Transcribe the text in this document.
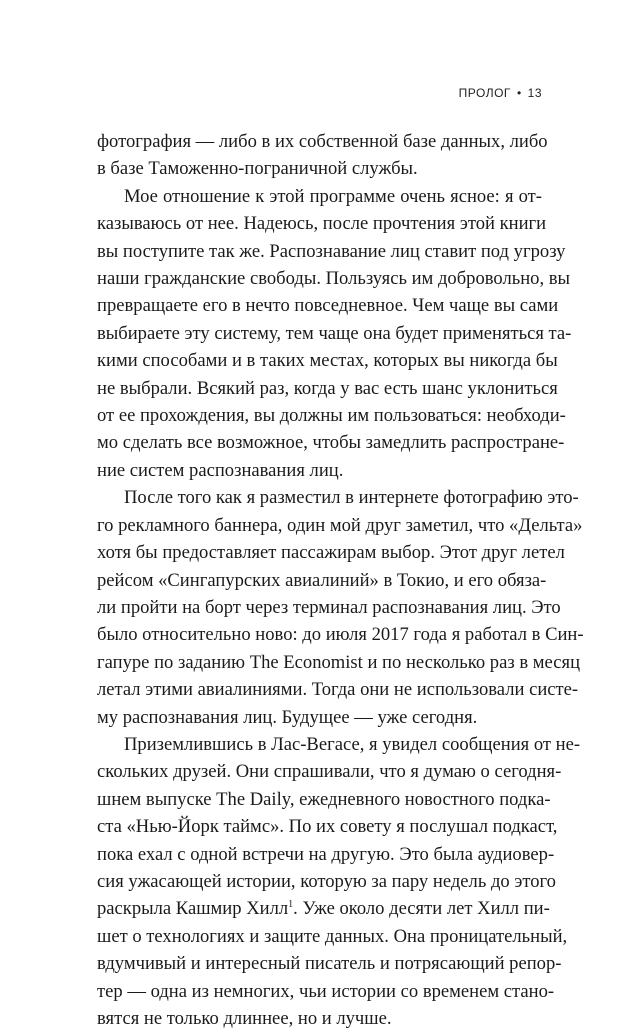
ПРОЛОГ • 13

фотография — либо в их собственной базе данных, либо
в базе Таможенно-пограничной службы.

Мое отношение к этой программе очень ясное: я от-
казываюсь от нее. Надеюсь, после прочтения этой книги
вы поступите так же. Распознавание лиц ставит под угрозу
наши гражданские свободы. Пользуясь им добровольно, вы
превращаете его в нечто повседневное. Чем чаще вы сами
выбираете эту систему, тем чаще она будет применяться та-
кими способами и в таких местах, которых вы никогда бы
не выбрали. Всякий раз, когда у вас есть шанс уклониться
от ее прохождения, вы должны им пользоваться: необходи-
мо сделать все возможное, чтобы замедлить распростране-
ние систем распознавания лиц.

После того как я разместил в интернете фотографию это-
го рекламного баннера, один мой друг заметил, что «Дельта»
хотя бы предоставляет пассажирам выбор. Этот друг летел
рейсом «Сингапурских авиалиний» в Токио, и его обяза-
ли пройти на борт через терминал распознавания лиц. Это
было относительно ново: до июля 2017 года я работал в Син-
гапуре по заданию The Economist и по несколько раз в месяц
летал этими авиалиниями. Тогда они не использовали систе-
му распознавания лиц. Будущее — уже сегодня.

Приземлившись в Лас-Вегасе, я увидел сообщения от не-
скольких друзей. Они спрашивали, что я думаю о сегодня-
шнем выпуске The Daily, ежедневного новостного подка-
ста «Нью-Йорк таймс». По их совету я послушал подкаст,
пока ехал с одной встречи на другую. Это была аудиовер-
сия ужасающей истории, которую за пару недель до этого
раскрыла Кашмир Хилл$^1$. Уже около десяти лет Хилл пи-
шет о технологиях и защите данных. Она проницательный,
вдумчивый и интересный писатель и потрясающий репор-
тер — одна из немногих, чьи истории со временем стано-
вятся не только длиннее, но и лучше.
